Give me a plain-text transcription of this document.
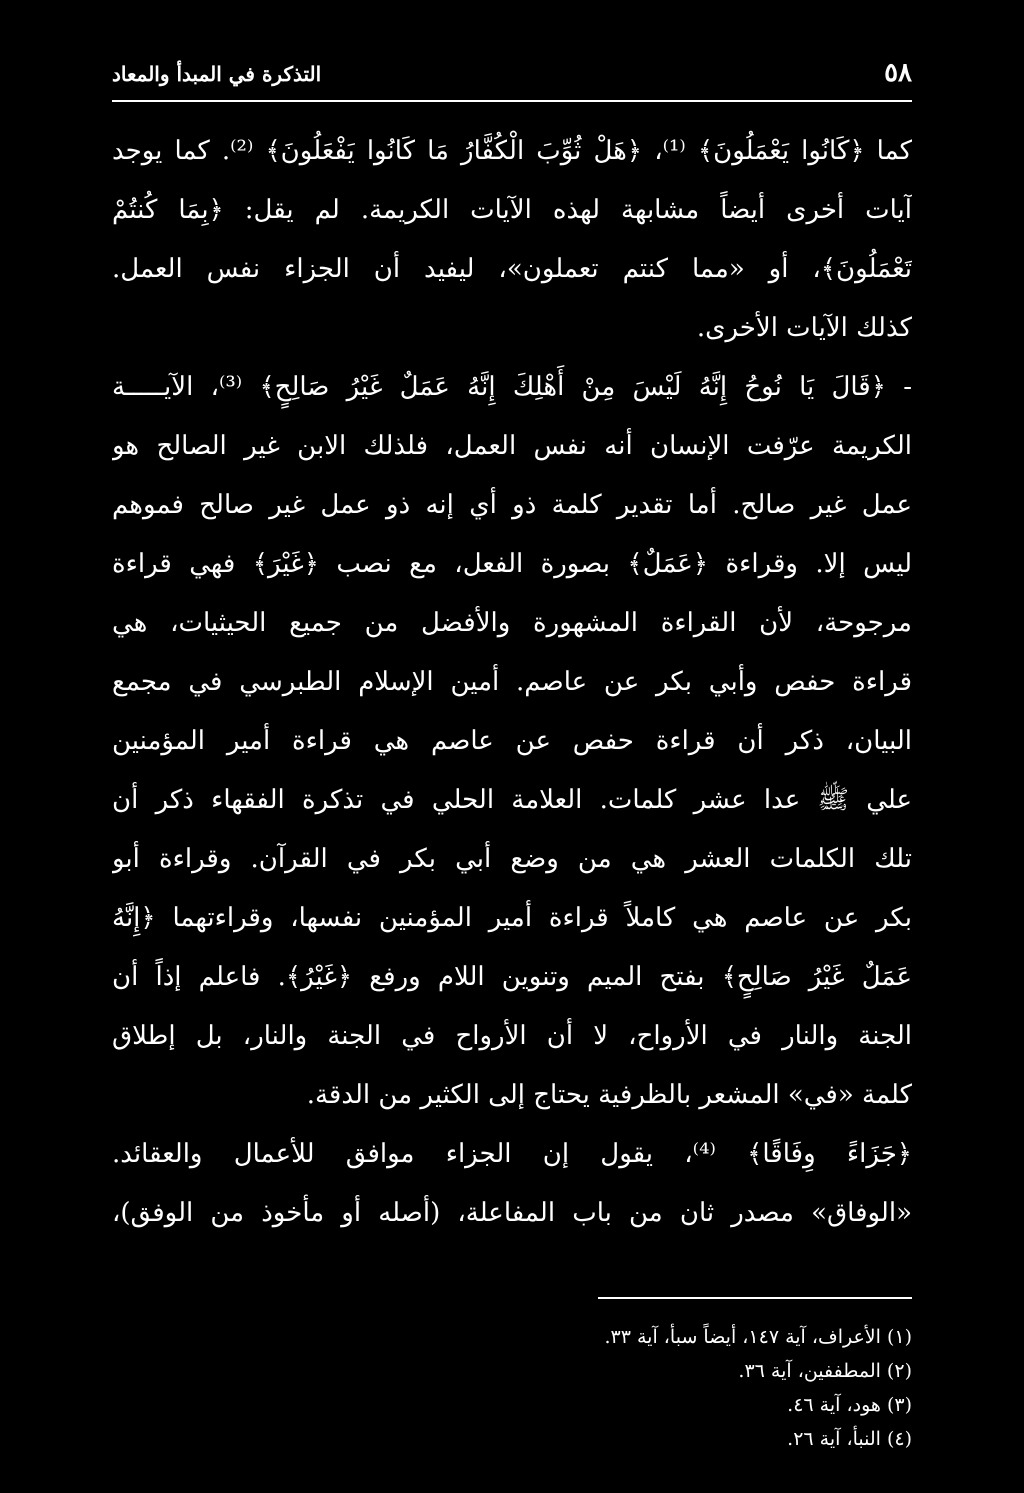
٥٨
التذكرة في المبدأ والمعاد
كما ﴿كَانُوا يَعْمَلُونَ﴾ ⁽¹⁾، ﴿هَلْ ثُوِّبَ الْكُفَّارُ مَا كَانُوا يَفْعَلُونَ﴾ ⁽²⁾. كما يوجد
آيات أخرى أيضاً مشابهة لهذه الآيات الكريمة. لم يقل: ﴿بِمَا كُنتُمْ
تَعْمَلُونَ﴾، أو «مما كنتم تعملون»، ليفيد أن الجزاء نفس العمل.
كذلك الآيات الأخرى.
- ﴿قَالَ يَا نُوحُ إِنَّهُ لَيْسَ مِنْ أَهْلِكَ إِنَّهُ عَمَلٌ غَيْرُ صَالِحٍ﴾ ⁽³⁾، الآيـــــة
الكريمة عرّفت الإنسان أنه نفس العمل، فلذلك الابن غير الصالح هو
عمل غير صالح. أما تقدير كلمة ذو أي إنه ذو عمل غير صالح فموهم
ليس إلا. وقراءة ﴿عَمَلٌ﴾ بصورة الفعل، مع نصب ﴿غَيْرَ﴾ فهي قراءة
مرجوحة، لأن القراءة المشهورة والأفضل من جميع الحيثيات، هي
قراءة حفص وأبي بكر عن عاصم. أمين الإسلام الطبرسي في مجمع
البيان، ذكر أن قراءة حفص عن عاصم هي قراءة أمير المؤمنين
علي ﷺ عدا عشر كلمات. العلامة الحلي في تذكرة الفقهاء ذكر أن
تلك الكلمات العشر هي من وضع أبي بكر في القرآن. وقراءة أبو
بكر عن عاصم هي كاملاً قراءة أمير المؤمنين نفسها، وقراءتهما ﴿إِنَّهُ
عَمَلٌ غَيْرُ صَالِحٍ﴾ بفتح الميم وتنوين اللام ورفع ﴿غَيْرُ﴾. فاعلم إذاً أن
الجنة والنار في الأرواح، لا أن الأرواح في الجنة والنار، بل إطلاق
كلمة «في» المشعر بالظرفية يحتاج إلى الكثير من الدقة.
﴿جَزَاءً وِفَاقًا﴾ ⁽⁴⁾، يقول إن الجزاء موافق للأعمال والعقائد.
«الوفاق» مصدر ثان من باب المفاعلة، (أصله أو مأخوذ من الوفق)،
(١) الأعراف، آية ١٤٧، أيضاً سبأ، آية ٣٣.
(٢) المطففين، آية ٣٦.
(٣) هود، آية ٤٦.
(٤) النبأ، آية ٢٦.
